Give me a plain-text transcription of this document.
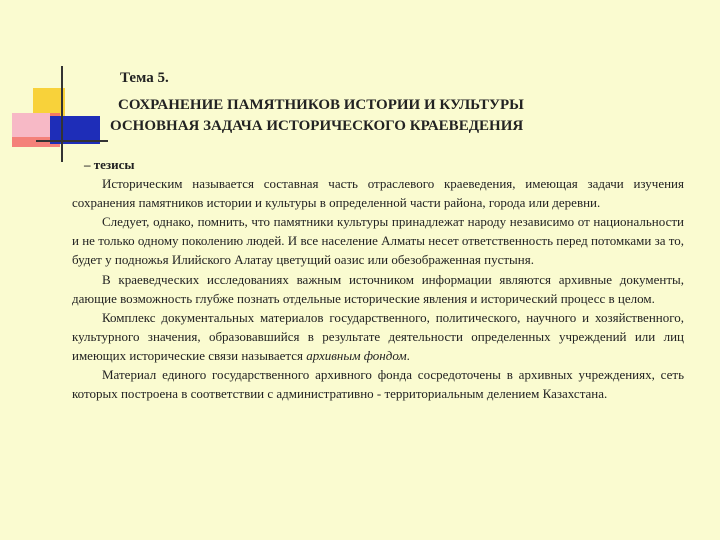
Тема 5.

СОХРАНЕНИЕ ПАМЯТНИКОВ ИСТОРИИ И КУЛЬТУРЫ
ОСНОВНАЯ ЗАДАЧА ИСТОРИЧЕСКОГО КРАЕВЕДЕНИЯ

– тезисы

Историческим называется составная часть отраслевого краеведения, имеющая задачи изучения сохранения памятников истории и культуры в определенной части района, города или деревни.

Следует, однако, помнить, что памятники культуры принадлежат народу независимо от национальности и не только одному поколению людей. И все население Алматы несет ответственность перед потомками за то, будет у подножья Илийского Алатау цветущий оазис или обезображенная пустыня.

В краеведческих исследованиях важным источником информации являются архивные документы, дающие возможность глубже познать отдельные исторические явления и исторический процесс в целом.

Комплекс документальных материалов государственного, политического, научного и хозяйственного, культурного значения, образовавшийся в результате деятельности определенных учреждений или лиц имеющих исторические связи называется архивным фондом.

Материал единого государственного архивного фонда сосредоточены в архивных учреждениях, сеть которых построена в соответствии с административно - территориальным делением Казахстана.
